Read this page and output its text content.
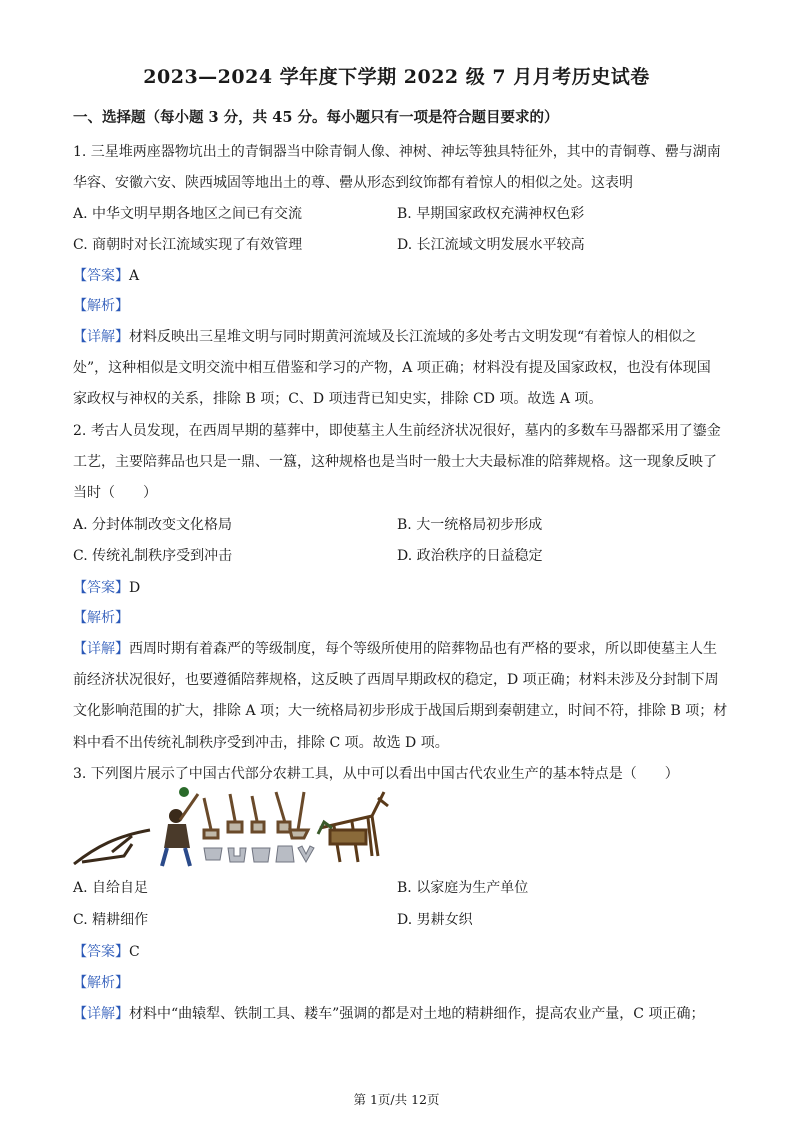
2023—2024 学年度下学期 2022 级 7 月月考历史试卷
一、选择题（每小题 3 分，共 45 分。每小题只有一项是符合题目要求的）
1. 三星堆两座器物坑出土的青铜器当中除青铜人像、神树、神坛等独具特征外，其中的青铜尊、罍与湖南
华容、安徽六安、陕西城固等地出土的尊、罍从形态到纹饰都有着惊人的相似之处。这表明
A. 中华文明早期各地区之间已有交流	B. 早期国家政权充满神权色彩
C. 商朝时对长江流域实现了有效管理	D. 长江流域文明发展水平较高
【答案】A
【解析】
【详解】材料反映出三星堆文明与同时期黄河流域及长江流域的多处考古文明发现“有着惊人的相似之
处”，这种相似是文明交流中相互借鉴和学习的产物，A 项正确；材料没有提及国家政权，也没有体现国
家政权与神权的关系，排除 B 项；C、D 项违背已知史实，排除 CD 项。故选 A 项。
2. 考古人员发现，在西周早期的墓葬中，即使墓主人生前经济状况很好，墓内的多数车马器都采用了鎏金
工艺，主要陪葬品也只是一鼎、一簋，这种规格也是当时一般士大夫最标准的陪葬规格。这一现象反映了
当时（　　）
A. 分封体制改变文化格局	B. 大一统格局初步形成
C. 传统礼制秩序受到冲击	D. 政治秩序的日益稳定
【答案】D
【解析】
【详解】西周时期有着森严的等级制度，每个等级所使用的陪葬物品也有严格的要求，所以即使墓主人生
前经济状况很好，也要遵循陪葬规格，这反映了西周早期政权的稳定，D 项正确；材料未涉及分封制下周
文化影响范围的扩大，排除 A 项；大一统格局初步形成于战国后期到秦朝建立，时间不符，排除 B 项；材
料中看不出传统礼制秩序受到冲击，排除 C 项。故选 D 项。
3. 下列图片展示了中国古代部分农耕工具，从中可以看出中国古代农业生产的基本特点是（　　）
A. 自给自足	B. 以家庭为生产单位
C. 精耕细作	D. 男耕女织
【答案】C
【解析】
【详解】材料中“曲辕犁、铁制工具、耧车”强调的都是对土地的精耕细作，提高农业产量，C 项正确；
第 1页/共 12页
